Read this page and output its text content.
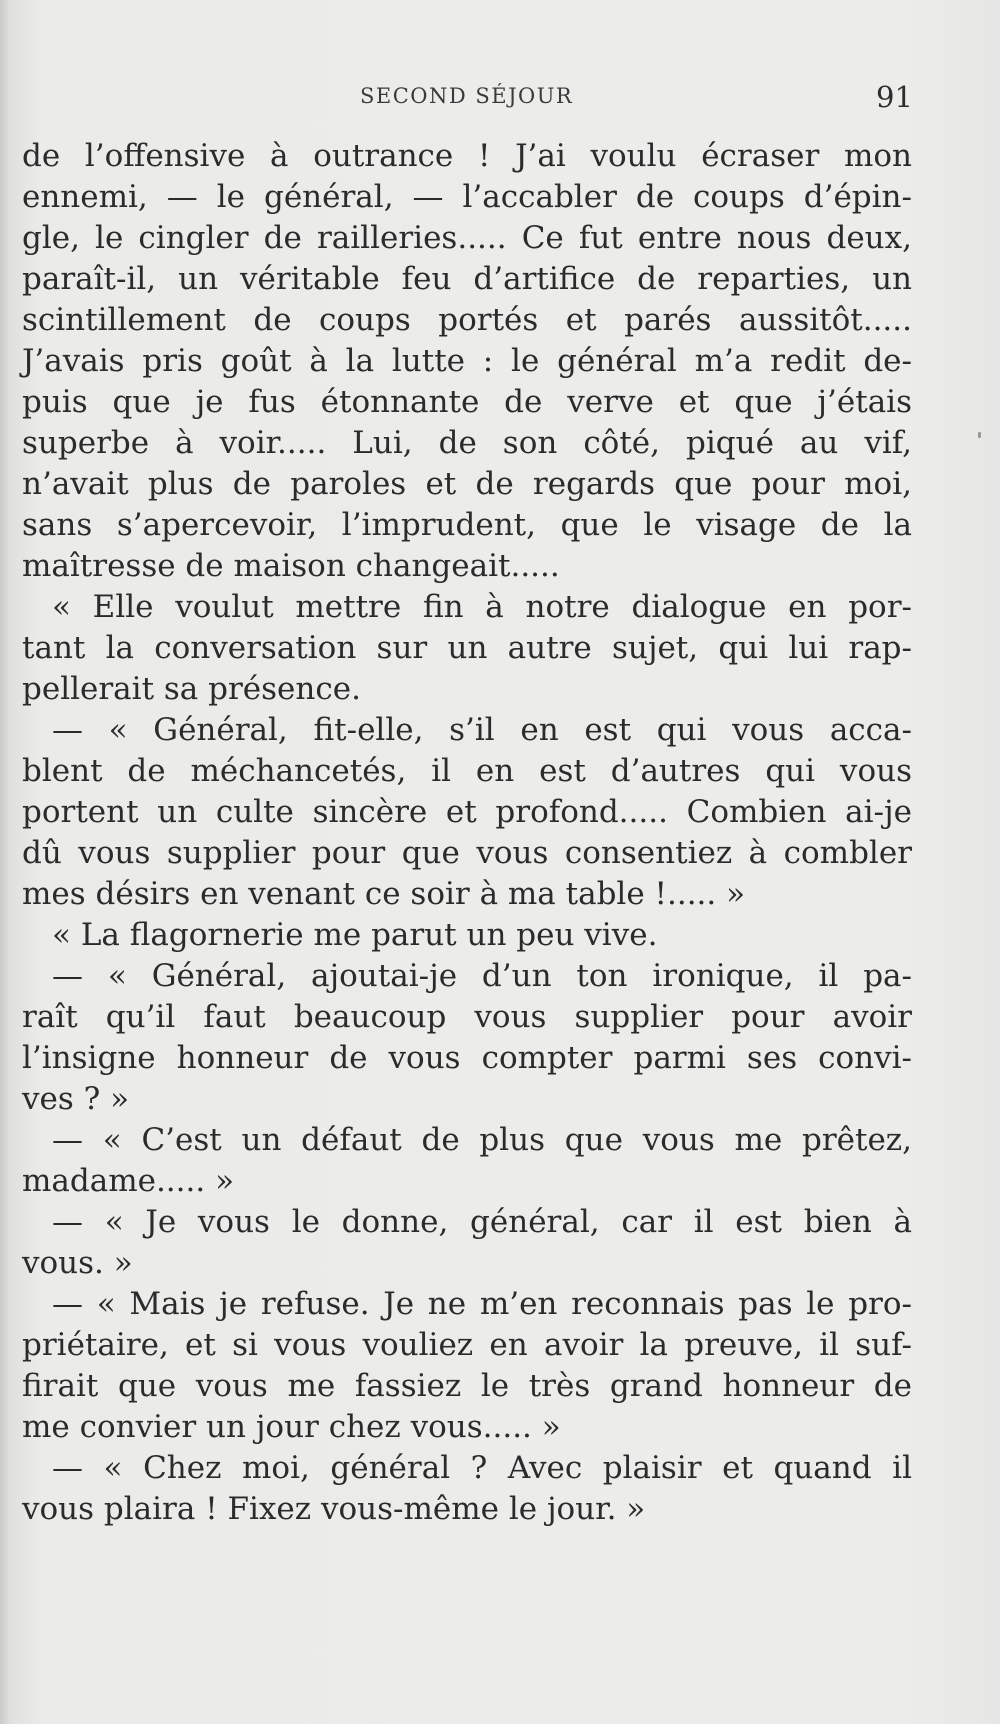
SECOND SÉJOUR	91
de l’offensive à outrance ! J’ai voulu écraser mon
ennemi, — le général, — l’accabler de coups d’épin-
gle, le cingler de railleries..... Ce fut entre nous deux,
paraît-il, un véritable feu d’artifice de reparties, un
scintillement de coups portés et parés aussitôt.....
J’avais pris goût à la lutte : le général m’a redit de-
puis que je fus étonnante de verve et que j’étais
superbe à voir..... Lui, de son côté, piqué au vif,
n’avait plus de paroles et de regards que pour moi,
sans s’apercevoir, l’imprudent, que le visage de la
maîtresse de maison changeait.....
« Elle voulut mettre fin à notre dialogue en por-
tant la conversation sur un autre sujet, qui lui rap-
pellerait sa présence.
— « Général, fit-elle, s’il en est qui vous acca-
blent de méchancetés, il en est d’autres qui vous
portent un culte sincère et profond..... Combien ai-je
dû vous supplier pour que vous consentiez à combler
mes désirs en venant ce soir à ma table !..... »
« La flagornerie me parut un peu vive.
— « Général, ajoutai-je d’un ton ironique, il pa-
raît qu’il faut beaucoup vous supplier pour avoir
l’insigne honneur de vous compter parmi ses convi-
ves ? »
— « C’est un défaut de plus que vous me prêtez,
madame..... »
— « Je vous le donne, général, car il est bien à
vous. »
— « Mais je refuse. Je ne m’en reconnais pas le pro-
priétaire, et si vous vouliez en avoir la preuve, il suf-
firait que vous me fassiez le très grand honneur de
me convier un jour chez vous..... »
— « Chez moi, général ? Avec plaisir et quand il
vous plaira ! Fixez vous-même le jour. »
